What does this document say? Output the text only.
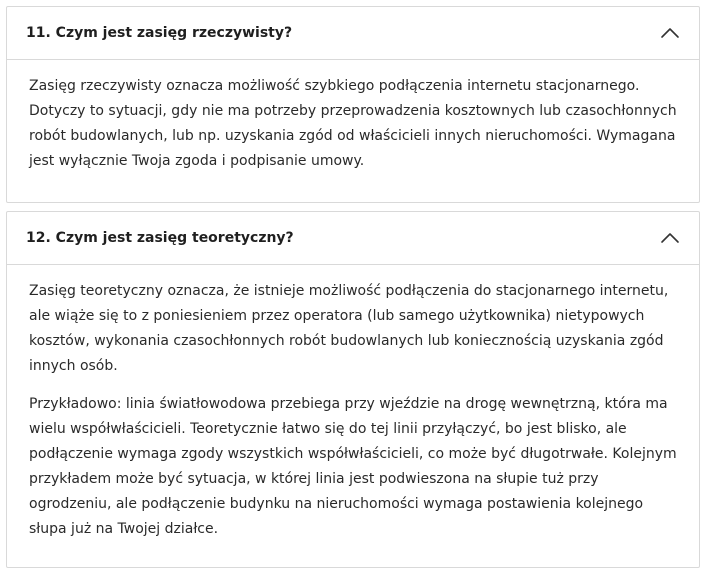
11. Czym jest zasięg rzeczywisty?

Zasięg rzeczywisty oznacza możliwość szybkiego podłączenia internetu stacjonarnego.
Dotyczy to sytuacji, gdy nie ma potrzeby przeprowadzenia kosztownych lub czasochłonnych
robót budowlanych, lub np. uzyskania zgód od właścicieli innych nieruchomości. Wymagana
jest wyłącznie Twoja zgoda i podpisanie umowy.

12. Czym jest zasięg teoretyczny?

Zasięg teoretyczny oznacza, że istnieje możliwość podłączenia do stacjonarnego internetu,
ale wiąże się to z poniesieniem przez operatora (lub samego użytkownika) nietypowych
kosztów, wykonania czasochłonnych robót budowlanych lub koniecznością uzyskania zgód
innych osób.

Przykładowo: linia światłowodowa przebiega przy wjeździe na drogę wewnętrzną, która ma
wielu współwłaścicieli. Teoretycznie łatwo się do tej linii przyłączyć, bo jest blisko, ale
podłączenie wymaga zgody wszystkich współwłaścicieli, co może być długotrwałe. Kolejnym
przykładem może być sytuacja, w której linia jest podwieszona na słupie tuż przy
ogrodzeniu, ale podłączenie budynku na nieruchomości wymaga postawienia kolejnego
słupa już na Twojej działce.
